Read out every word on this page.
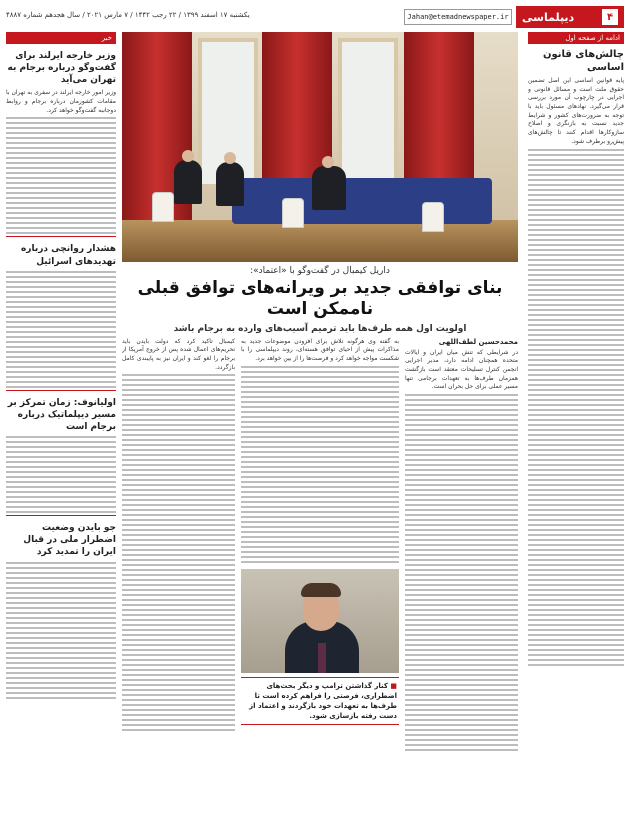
۴
دیپلماسی
Jahan@etemadnewspaper.ir
یکشنبه ۱۷ اسفند ۱۳۹۹ / ۲۲ رجب ۱۴۴۲ / ۷ مارس ۲۰۲۱ / سال هجدهم شماره ۴۸۸۷
ادامه از صفحه اول
چالش‌های قانون اساسی
پایه قوانین اساسی این اصل تضمین حقوق ملت است و مسائل قانونی و اجرایی در چارچوب آن مورد بررسی قرار می‌گیرد. نهادهای مسئول باید با توجه به ضرورت‌های کشور و شرایط جدید نسبت به بازنگری و اصلاح سازوکارها اقدام کنند تا چالش‌های پیش‌رو برطرف شود.
خبر
وزیر خارجه ایرلند برای گفت‌وگو درباره برجام به تهران می‌آید
وزیر امور خارجه ایرلند در سفری به تهران با مقامات کشورمان درباره برجام و روابط دوجانبه گفت‌وگو خواهد کرد.
هشدار روانچی درباره تهدیدهای اسرائیل
اولیانوف: زمان تمرکز بر مسیر دیپلماتیک درباره برجام است
جو بایدن وضعیت اضطرار ملی در قبال ایران را تمدید کرد
داریل کیمبال در گفت‌وگو با «اعتماد»:
بنای توافقی جدید بر ویرانه‌های توافق قبلی ناممکن است
اولویت اول همه طرف‌ها باید ترمیم آسیب‌های وارده به برجام باشد
محمدحسین لطف‌اللهی
در شرایطی که تنش میان ایران و ایالات متحده همچنان ادامه دارد، مدیر اجرایی انجمن کنترل تسلیحات معتقد است بازگشت همزمان طرف‌ها به تعهدات برجامی تنها مسیر عملی برای حل بحران است.
به گفته وی هرگونه تلاش برای افزودن موضوعات جدید به مذاکرات پیش از احیای توافق هسته‌ای، روند دیپلماسی را با شکست مواجه خواهد کرد و فرصت‌ها را از بین خواهد برد.
■ کنار گذاشتن ترامپ و دیگر بحث‌های اضطراری، فرصتی را فراهم کرده است تا طرف‌ها به تعهدات خود بازگردند و اعتماد از دست رفته بازسازی شود.
کیمبال تاکید کرد که دولت بایدن باید تحریم‌های اعمال شده پس از خروج آمریکا از برجام را لغو کند و ایران نیز به پایبندی کامل بازگردد.
